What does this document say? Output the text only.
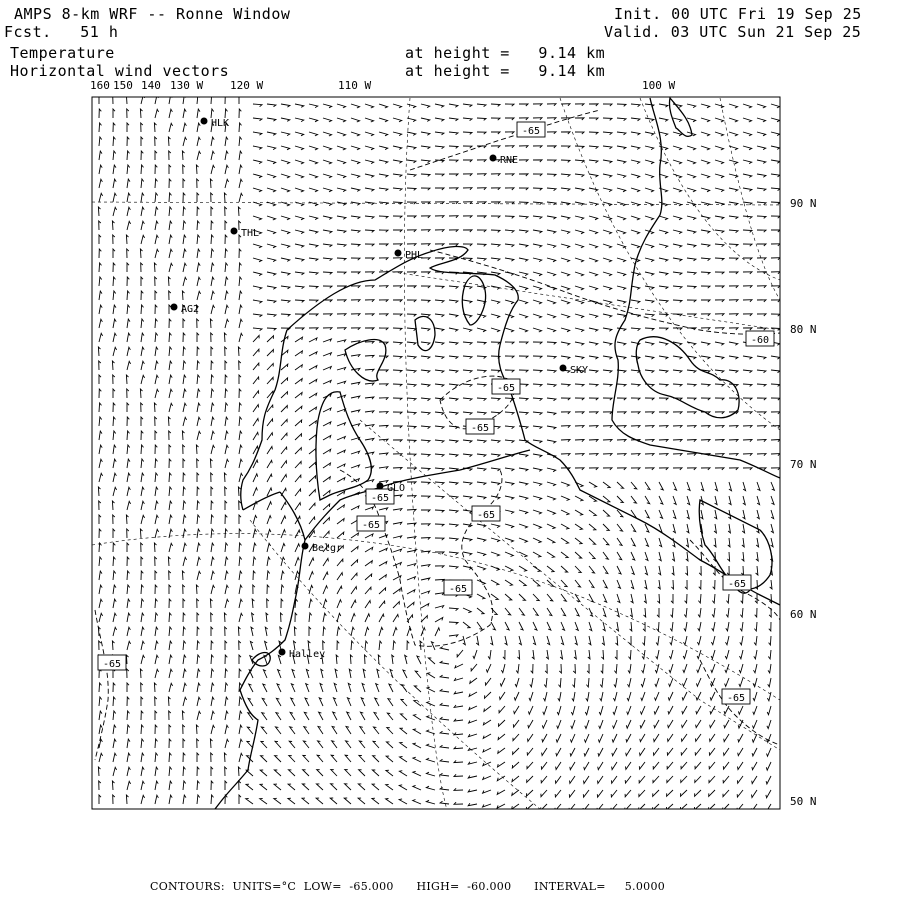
AMPS 8-km WRF -- Ronne Window
Fcst.   51 h
Temperature
Horizontal wind vectors
Init. 00 UTC Fri 19 Sep 25
Valid. 03 UTC Sun 21 Sep 25
at height =   9.14 km
at height =   9.14 km
160 150 140 130 W 120 W	110 W	100 W
90 N
80 N
70 N
60 N
50 N
-65
-60
-65
-65
-65
-65
-65
-65
-65
-65
-65
HLK
RNE
THL
PHL
AG2
SKY
GLO
Belgr
Halley
CONTOURS:  UNITS=°C  LOW=  -65.000      HIGH=  -60.000      INTERVAL=     5.0000
